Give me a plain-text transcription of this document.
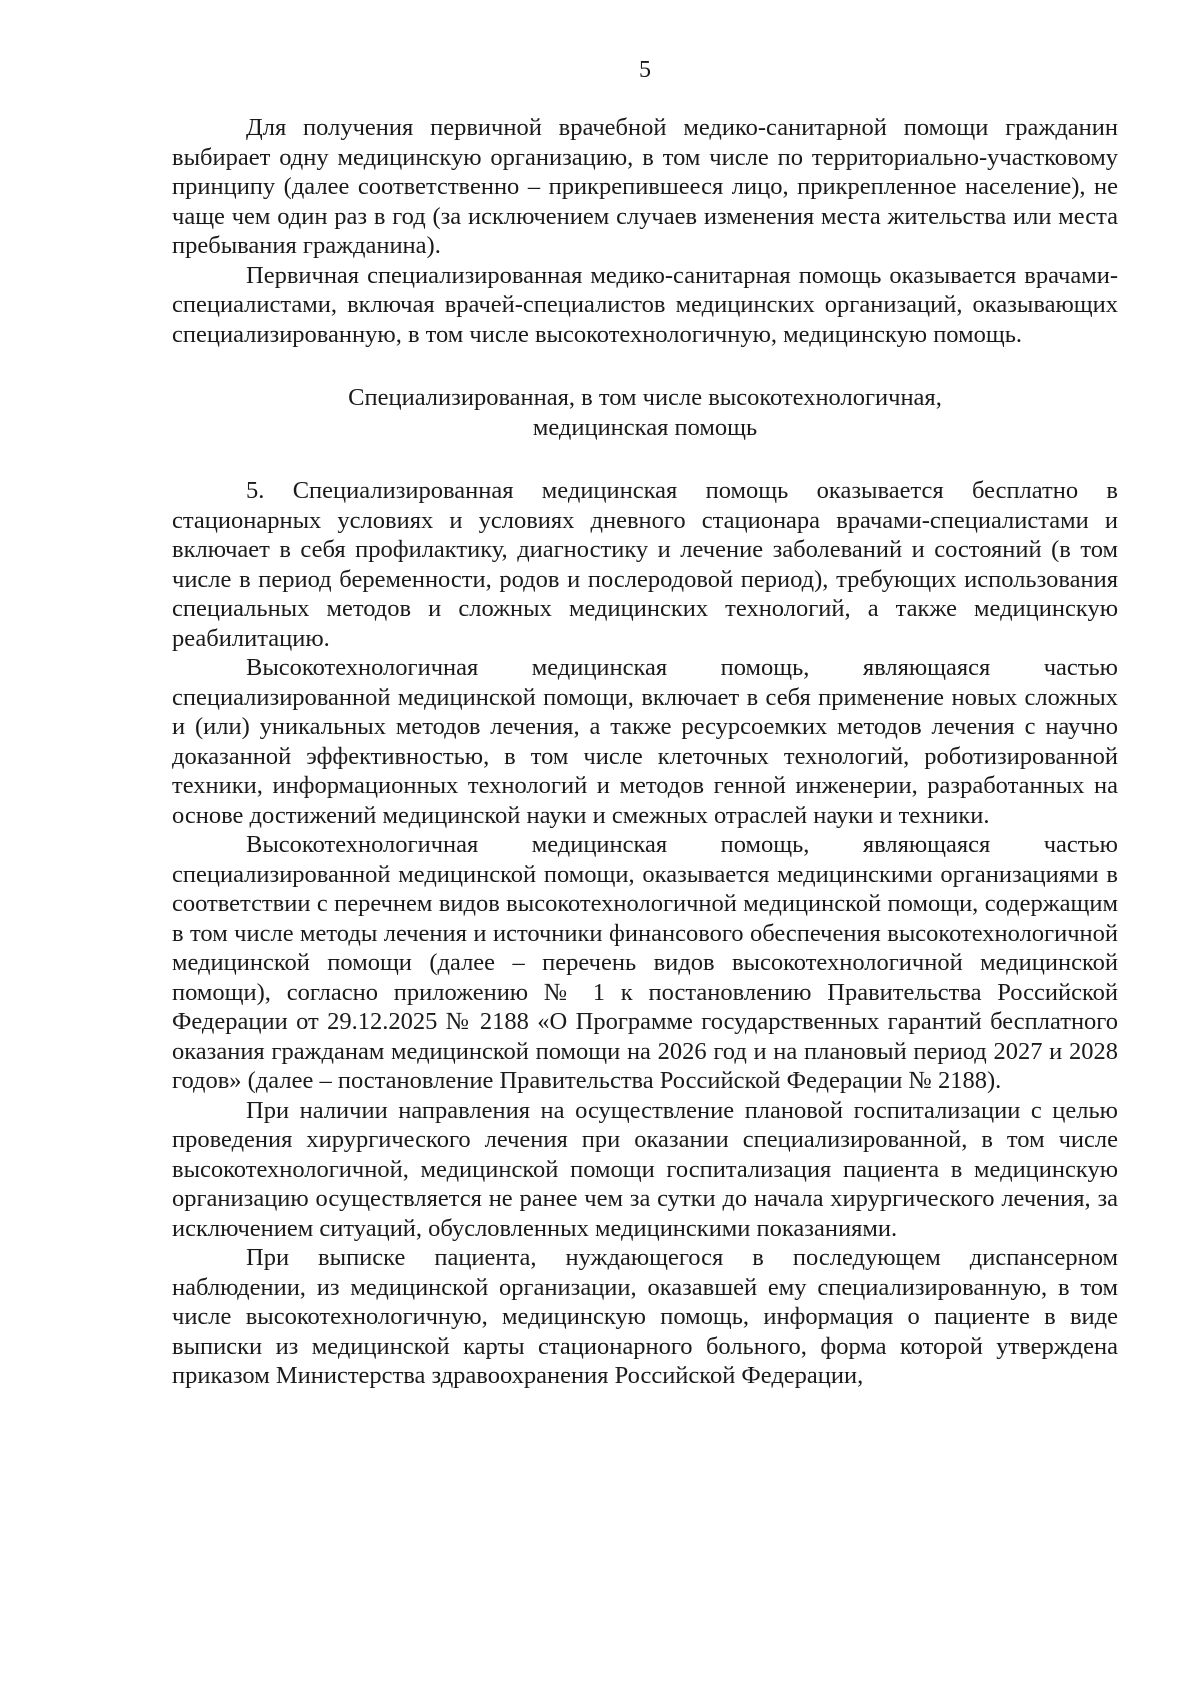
5

Для получения первичной врачебной медико-санитарной помощи гражданин выбирает одну медицинскую организацию, в том числе по территориально-участковому принципу (далее соответственно – прикрепившееся лицо, прикрепленное население), не чаще чем один раз в год (за исключением случаев изменения места жительства или места пребывания гражданина).

Первичная специализированная медико-санитарная помощь оказывается врачами-специалистами, включая врачей-специалистов медицинских организаций, оказывающих специализированную, в том числе высокотехнологичную, медицинскую помощь.

Специализированная, в том числе высокотехнологичная,
медицинская помощь

5. Специализированная медицинская помощь оказывается бесплатно в стационарных условиях и условиях дневного стационара врачами-специалистами и включает в себя профилактику, диагностику и лечение заболеваний и состояний (в том числе в период беременности, родов и послеродовой период), требующих использования специальных методов и сложных медицинских технологий, а также медицинскую реабилитацию.

Высокотехнологичная медицинская помощь, являющаяся частью специализированной медицинской помощи, включает в себя применение новых сложных и (или) уникальных методов лечения, а также ресурсоемких методов лечения с научно доказанной эффективностью, в том числе клеточных технологий, роботизированной техники, информационных технологий и методов генной инженерии, разработанных на основе достижений медицинской науки и смежных отраслей науки и техники.

Высокотехнологичная медицинская помощь, являющаяся частью специализированной медицинской помощи, оказывается медицинскими организациями в соответствии с перечнем видов высокотехнологичной медицинской помощи, содержащим в том числе методы лечения и источники финансового обеспечения высокотехнологичной медицинской помощи (далее – перечень видов высокотехнологичной медицинской помощи), согласно приложению № 1 к постановлению Правительства Российской Федерации от 29.12.2025 № 2188 «О Программе государственных гарантий бесплатного оказания гражданам медицинской помощи на 2026 год и на плановый период 2027 и 2028 годов» (далее – постановление Правительства Российской Федерации № 2188).

При наличии направления на осуществление плановой госпитализации с целью проведения хирургического лечения при оказании специализированной, в том числе высокотехнологичной, медицинской помощи госпитализация пациента в медицинскую организацию осуществляется не ранее чем за сутки до начала хирургического лечения, за исключением ситуаций, обусловленных медицинскими показаниями.

При выписке пациента, нуждающегося в последующем диспансерном наблюдении, из медицинской организации, оказавшей ему специализированную, в том числе высокотехнологичную, медицинскую помощь, информация о пациенте в виде выписки из медицинской карты стационарного больного, форма которой утверждена приказом Министерства здравоохранения Российской Федерации,
